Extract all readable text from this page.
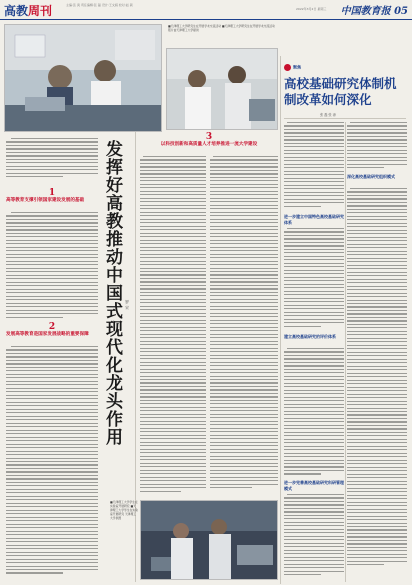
高教周刊	主编:张 爽 责任编辑:张 磊 设计:王文娟 校对:赵 颖
2022年3月2日 星期三 中国教育报 05
■天津理工大学研究生在开展学术交流活动 ■天津理工大学研究生在开展学术交流活动 照片由天津理工大学提供
发挥好高教推动中国式现代化龙头作用 罗 宋
1
高等教育支撑引领国家建设发展的基础
2
发展高等教育是国家发展战略的重要保障
3
以科技创新和高质量人才培养推进一流大学建设
■天津理工大学学生在实验室开展研究 ■天津理工大学学生在实验室开展研究 天津理工大学供图
聚焦
高校基础研究体制机制改革如何深化
张 磊 张 涛
进一步建立中国特色高校基础研究体系
建立高校基础研究的评价体系
进一步完善高校基础研究科研管理模式
深化高校基础研究组织模式
